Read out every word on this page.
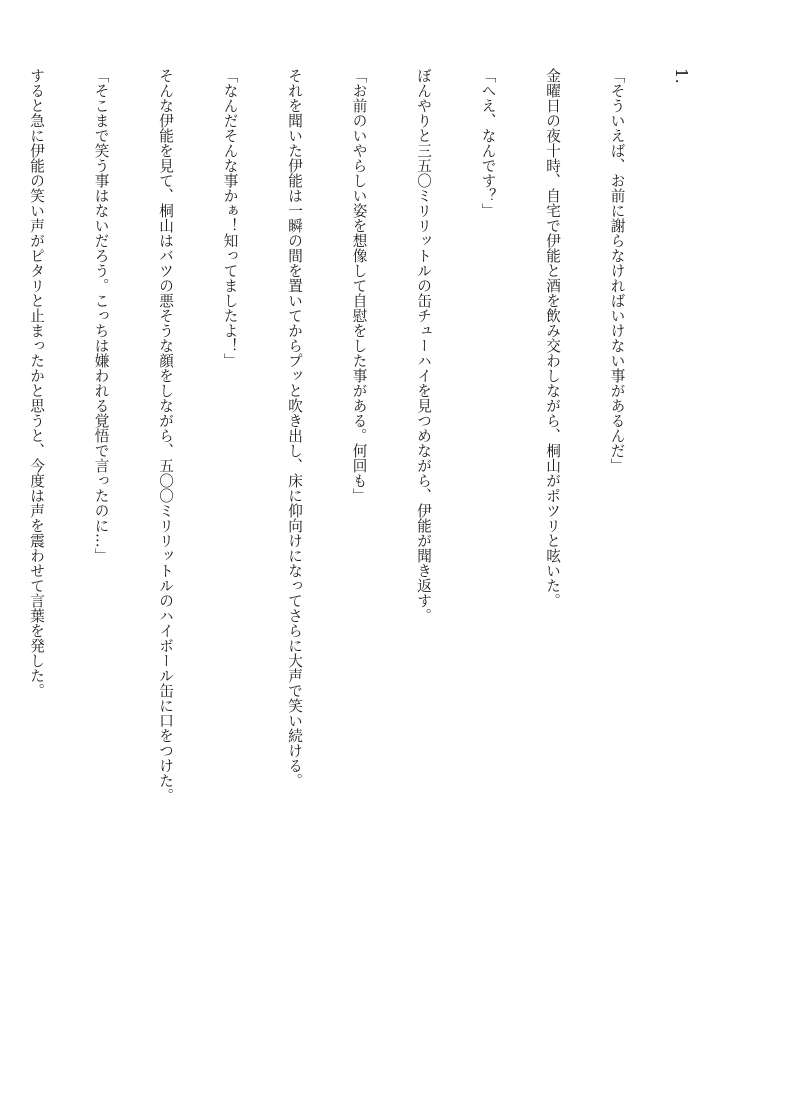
1.

「そういえば、お前に謝らなければいけない事があるんだ」

金曜日の夜十時、自宅で伊能と酒を飲み交わしながら、桐山がポツリと呟いた。

「へえ、なんです？」

ぼんやりと三五〇ミリリットルの缶チューハイを見つめながら、伊能が聞き返す。

「お前のいやらしい姿を想像して自慰をした事がある。何回も」

それを聞いた伊能は一瞬の間を置いてからプッと吹き出し、床に仰向けになってさらに大声で笑い続ける。

「なんだそんな事かぁ！知ってましたよ！」

そんな伊能を見て、桐山はバツの悪そうな顔をしながら、五〇〇ミリリットルのハイボール缶に口をつけた。

「そこまで笑う事はないだろう。こっちは嫌われる覚悟で言ったのに…」

すると急に伊能の笑い声がピタリと止まったかと思うと、今度は声を震わせて言葉を発した。
